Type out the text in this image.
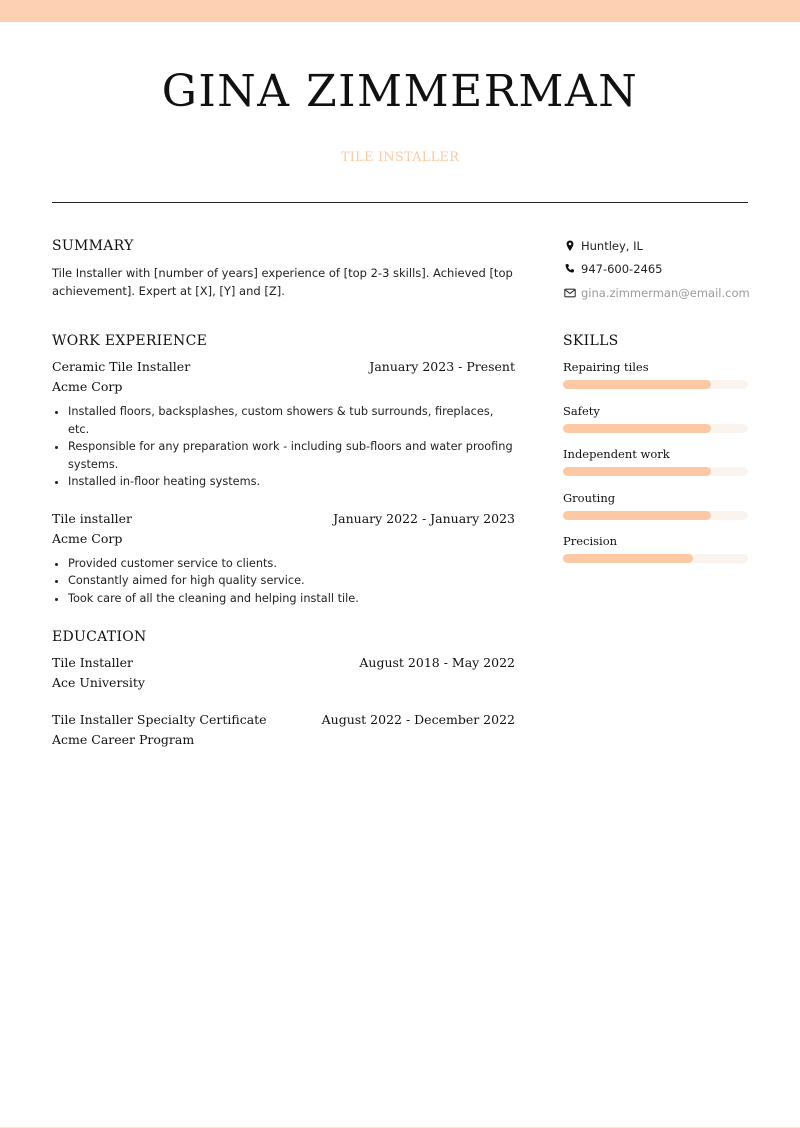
GINA ZIMMERMAN
TILE INSTALLER
SUMMARY

Tile Installer with [number of years] experience of [top 2-3 skills]. Achieved [top achievement]. Expert at [X], [Y] and [Z].

WORK EXPERIENCE
Ceramic Tile Installer	January 2023 - Present
Acme Corp
• Installed floors, backsplashes, custom showers & tub surrounds, fireplaces, etc.
• Responsible for any preparation work - including sub-floors and water proofing systems.
• Installed in-floor heating systems.
Tile installer	January 2022 - January 2023
Acme Corp
• Provided customer service to clients.
• Constantly aimed for high quality service.
• Took care of all the cleaning and helping install tile.
EDUCATION
Tile Installer	August 2018 - May 2022
Ace University
Tile Installer Specialty Certificate	August 2022 - December 2022
Acme Career Program
Huntley, IL
947-600-2465
gina.zimmerman@email.com
SKILLS
Repairing tiles
Safety
Independent work
Grouting
Precision
